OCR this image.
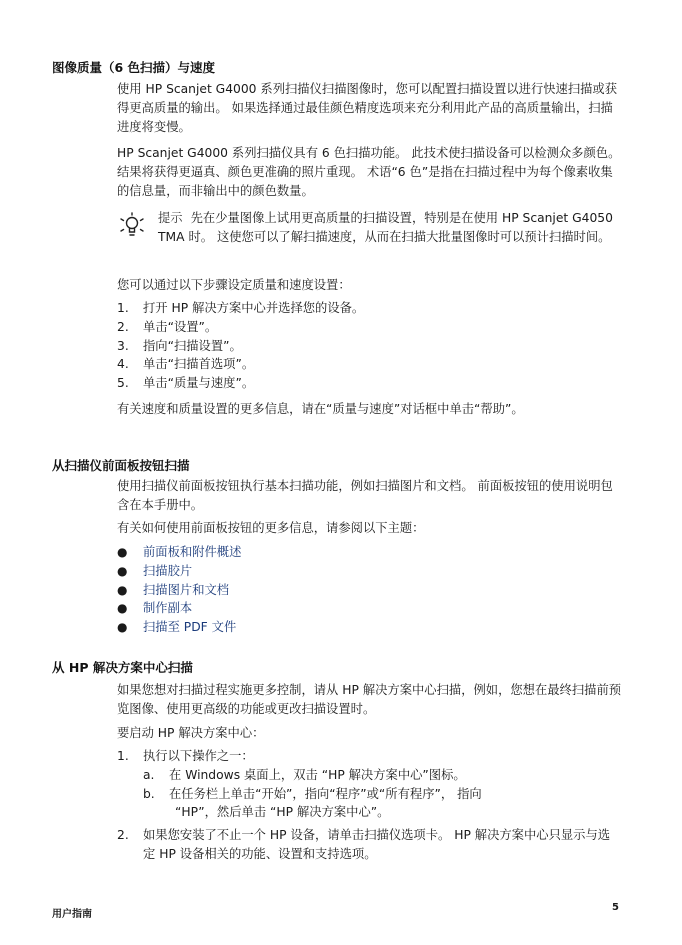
图像质量（6 色扫描）与速度

使用 HP Scanjet G4000 系列扫描仪扫描图像时，您可以配置扫描设置以进行快速扫描或获得更高质量的输出。 如果选择通过最佳颜色精度选项来充分利用此产品的高质量输出，扫描进度将变慢。

HP Scanjet G4000 系列扫描仪具有 6 色扫描功能。 此技术使扫描设备可以检测众多颜色。 结果将获得更逼真、颜色更准确的照片重现。 术语“6 色”是指在扫描过程中为每个像素收集的信息量，而非输出中的颜色数量。

提示 先在少量图像上试用更高质量的扫描设置，特别是在使用 HP Scanjet G4050 TMA 时。 这使您可以了解扫描速度，从而在扫描大批量图像时可以预计扫描时间。

您可以通过以下步骤设定质量和速度设置：

1. 打开 HP 解决方案中心并选择您的设备。
2. 单击“设置”。
3. 指向“扫描设置”。
4. 单击“扫描首选项”。
5. 单击“质量与速度”。

有关速度和质量设置的更多信息，请在“质量与速度”对话框中单击“帮助”。

从扫描仪前面板按钮扫描

使用扫描仪前面板按钮执行基本扫描功能，例如扫描图片和文档。 前面板按钮的使用说明包含在本手册中。

有关如何使用前面板按钮的更多信息，请参阅以下主题：

● 前面板和附件概述
● 扫描胶片
● 扫描图片和文档
● 制作副本
● 扫描至 PDF 文件
从 HP 解决方案中心扫描

如果您想对扫描过程实施更多控制，请从 HP 解决方案中心扫描，例如，您想在最终扫描前预览图像、使用更高级的功能或更改扫描设置时。

要启动 HP 解决方案中心：

1. 执行以下操作之一：
a. 在 Windows 桌面上，双击 “HP 解决方案中心”图标。
b. 在任务栏上单击“开始”，指向“程序”或“所有程序”， 指向
“HP”，然后单击 “HP 解决方案中心”。
2. 如果您安装了不止一个 HP 设备，请单击扫描仪选项卡。 HP 解决方案中心只显示与选定 HP 设备相关的功能、设置和支持选项。
用户指南
5
